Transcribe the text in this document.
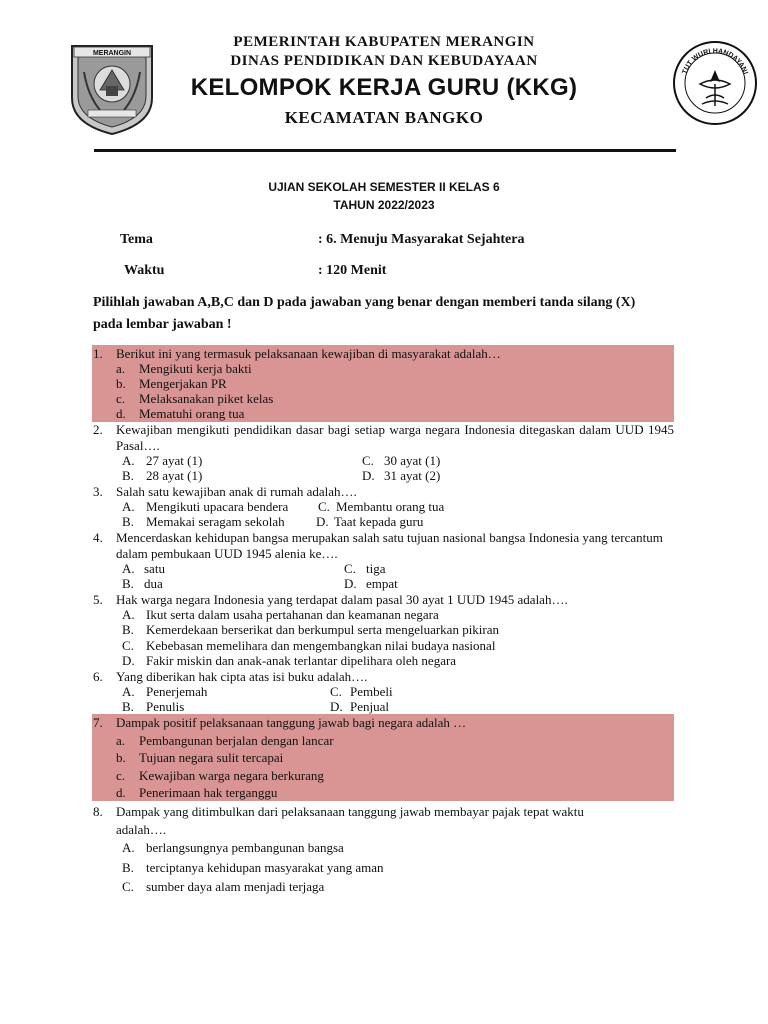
MERANGIN
PEMERINTAH KABUPATEN MERANGIN
DINAS PENDIDIKAN DAN KEBUDAYAAN
KELOMPOK KERJA GURU (KKG)
KECAMATAN BANGKO
TUT WURI HANDAYANI
UJIAN SEKOLAH SEMESTER II KELAS 6
TAHUN 2022/2023
Tema	: 6. Menuju Masyarakat Sejahtera
Waktu	: 120 Menit
Pilihlah jawaban A,B,C dan D pada jawaban yang benar dengan memberi tanda silang (X) pada lembar jawaban !
1. Berikut ini yang termasuk pelaksanaan kewajiban di masyarakat adalah…
a. Mengikuti kerja bakti
b. Mengerjakan PR
c. Melaksanakan piket kelas
d. Mematuhi orang tua
2. Kewajiban mengikuti pendidikan dasar bagi setiap warga negara Indonesia ditegaskan dalam UUD 1945 Pasal….
A. 27 ayat (1)	C. 30 ayat (1)
B. 28 ayat (1)	D. 31 ayat (2)
3. Salah satu kewajiban anak di rumah adalah….
A. Mengikuti upacara bendera C. Membantu orang tua
B. Memakai seragam sekolah D. Taat kepada guru
4. Mencerdaskan kehidupan bangsa merupakan salah satu tujuan nasional bangsa Indonesia yang tercantum dalam pembukaan UUD 1945 alenia ke….
A. satu	C. tiga
B. dua	D. empat
5. Hak warga negara Indonesia yang terdapat dalam pasal 30 ayat 1 UUD 1945 adalah….
A. Ikut serta dalam usaha pertahanan dan keamanan negara
B. Kemerdekaan berserikat dan berkumpul serta mengeluarkan pikiran
C. Kebebasan memelihara dan mengembangkan nilai budaya nasional
D. Fakir miskin dan anak-anak terlantar dipelihara oleh negara
6. Yang diberikan hak cipta atas isi buku adalah….
A. Penerjemah	C. Pembeli
B. Penulis	D. Penjual
7. Dampak positif pelaksanaan tanggung jawab bagi negara adalah …
a. Pembangunan berjalan dengan lancar
b. Tujuan negara sulit tercapai
c. Kewajiban warga negara berkurang
d. Penerimaan hak terganggu
8. Dampak yang ditimbulkan dari pelaksanaan tanggung jawab membayar pajak tepat waktu adalah….
A. berlangsungnya pembangunan bangsa
B. terciptanya kehidupan masyarakat yang aman
C. sumber daya alam menjadi terjaga
